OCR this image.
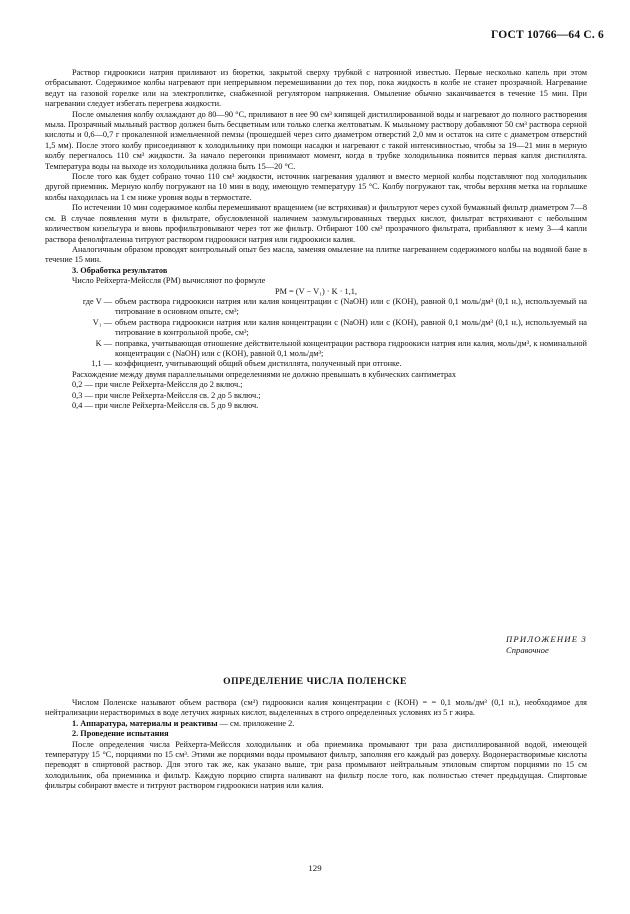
ГОСТ 10766—64 С. 6

Раствор гидроокиси натрия приливают из бюретки, закрытой сверху трубкой с натронной известью. Первые несколько капель при этом отбрасывают. Содержимое колбы нагревают при непрерывном перемешивании до тех пор, пока жидкость в колбе не станет прозрачной. Нагревание ведут на газовой горелке или на электроплитке, снабженной регулятором напряжения. Омыление обычно заканчивается в течение 15 мин. При нагревании следует избегать перегрева жидкости.

После омыления колбу охлаждают до 80—90 °С, приливают в нее 90 см³ кипящей дистиллированной воды и нагревают до полного растворения мыла. Прозрачный мыльный раствор должен быть бесцветным или только слегка желтоватым. К мыльному раствору добавляют 50 см³ раствора серной кислоты и 0,6—0,7 г прокаленной измельченной пемзы (прошедшей через сито диаметром отверстий 2,0 мм и остаток на сите с диаметром отверстий 1,5 мм). После этого колбу присоединяют к холодильнику при помощи насадки и нагревают с такой интенсивностью, чтобы за 19—21 мин в мерную колбу перегналось 110 см³ жидкости. За начало перегонки принимают момент, когда в трубке холодильника появится первая капля дистиллята. Температура воды на выходе из холодильника должна быть 15—20 °С.

После того как будет собрано точно 110 см³ жидкости, источник нагревания удаляют и вместо мерной колбы подставляют под холодильник другой приемник. Мерную колбу погружают на 10 мин в воду, имеющую температуру 15 °С. Колбу погружают так, чтобы верхняя метка на горлышке колбы находилась на 1 см ниже уровня воды в термостате.

По истечении 10 мин содержимое колбы перемешивают вращением (не встряхивая) и фильтруют через сухой бумажный фильтр диаметром 7—8 см. В случае появления мути в фильтрате, обусловленной наличием заэмульгированных твердых кислот, фильтрат встряхивают с небольшим количеством кизельгура и вновь профильтровывают через тот же фильтр. Отбирают 100 см³ прозрачного фильтрата, прибавляют к нему 3—4 капли раствора фенолфталеина титруют раствором гидроокиси натрия или гидроокиси калия.

Аналогичным образом проводят контрольный опыт без масла, заменяя омыление на плитке нагреванием содержимого колбы на водяной бане в течение 15 мин.

3. Обработка результатов

Число Рейхерта-Мейссля (PM) вычисляют по формуле

PM = (V − V₁) · K · 1,1,

где V — объем раствора гидроокиси натрия или калия концентрации c (NaOH) или c (KOH), равной 0,1 моль/дм³ (0,1 н.), используемый на титрование в основном опыте, см³;
V₁ — объем раствора гидроокиси натрия или калия концентрации c (NaOH) или c (KOH), равной 0,1 моль/дм³ (0,1 н.), используемый на титрование в контрольной пробе, см³;
K — поправка, учитывающая отношение действительной концентрации раствора гидроокиси натрия или калия, моль/дм³, к номинальной концентрации c (NaOH) или c (KOH), равной 0,1 моль/дм³;
1,1 — коэффициент, учитывающий общий объем дистиллята, полученный при отгонке.

Расхождение между двумя параллельными определениями не должно превышать в кубических сантиметрах

0,2 — при числе Рейхерта-Мейссля до 2 включ.;

0,3 — при числе Рейхерта-Мейссля св. 2 до 5 включ.;

0,4 — при числе Рейхерта-Мейссля св. 5 до 9 включ.

ПРИЛОЖЕНИЕ 3
Справочное
ОПРЕДЕЛЕНИЕ ЧИСЛА ПОЛЕНСКЕ

Числом Поленске называют объем раствора (см³) гидроокиси калия концентрации c (KOH) = = 0,1 моль/дм³ (0,1 н.), необходимое для нейтрализации нерастворимых в воде летучих жирных кислот, выделенных в строго определенных условиях из 5 г жира.

1. Аппаратура, материалы и реактивы — см. приложение 2.

2. Проведение испытания

После определения числа Рейхерта-Мейссля холодильник и оба приемника промывают три раза дистиллированной водой, имеющей температуру 15 °С, порциями по 15 см³. Этими же порциями воды промывают фильтр, заполняя его каждый раз доверху. Водонерастворимые кислоты переводят в спиртовой раствор. Для этого так же, как указано выше, три раза промывают нейтральным этиловым спиртом порциями по 15 см холодильник, оба приемника и фильтр. Каждую порцию спирта наливают на фильтр после того, как полностью стечет предыдущая. Спиртовые фильтры собирают вместе и титруют раствором гидроокиси натрия или калия.

129
